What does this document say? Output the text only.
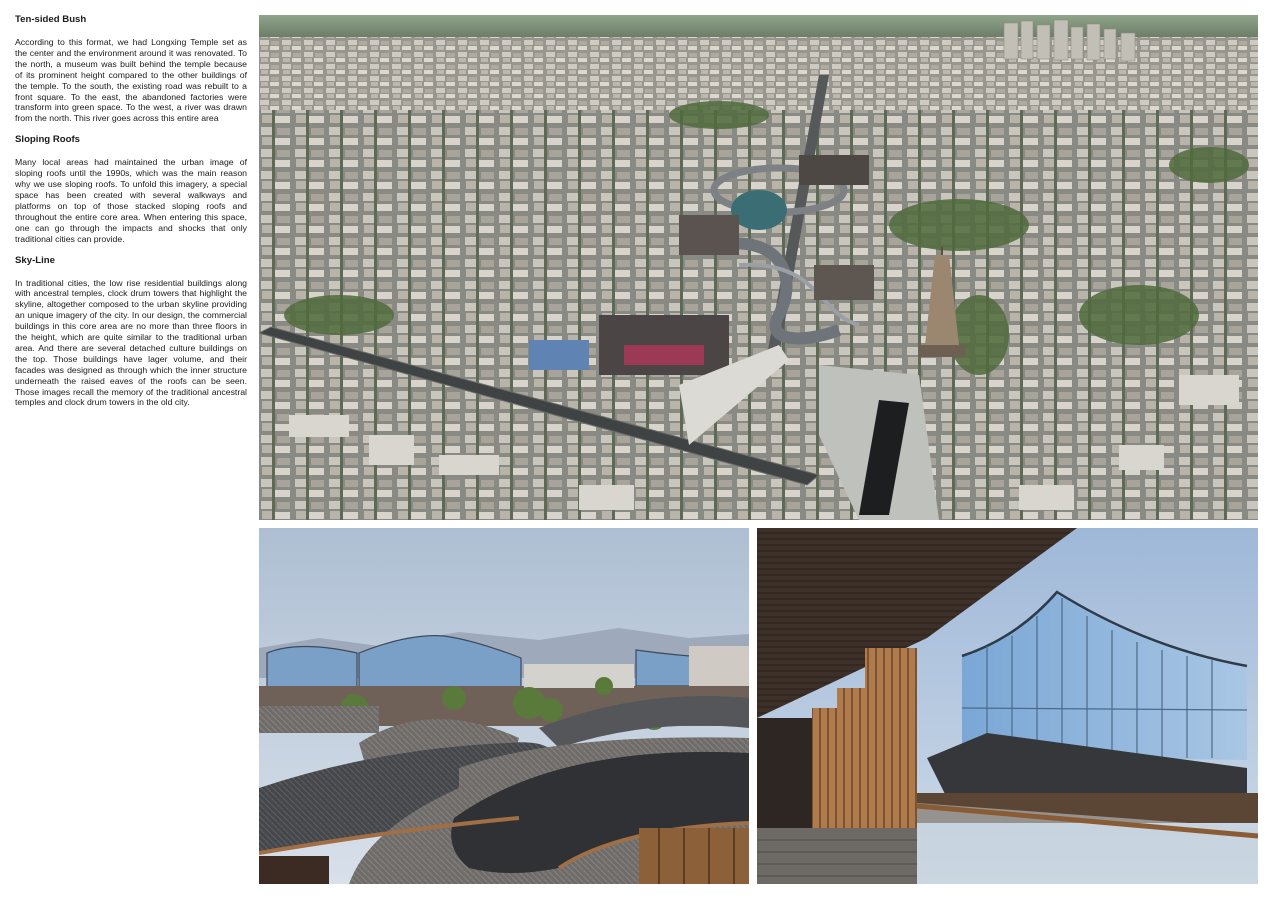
Ten-sided Bush

According to this format, we had Longxing Temple set as the center and the environment around it was renovated. To the north, a museum was built behind the temple because of its prominent height compared to the other buildings of the temple. To the south, the existing road was rebuilt to a front square. To the east, the abandoned factories were transform into green space. To the west, a river was drawn from the north. This river goes across this entire area

Sloping Roofs

Many local areas had maintained the urban image of sloping roofs until the 1990s, which was the main reason why we use sloping roofs. To unfold this imagery, a special space has been created with several walkways and platforms on top of those stacked sloping roofs and throughout the entire core area. When entering this space, one can go through the impacts and shocks that only traditional cities can provide.

Sky-Line

In traditional cities, the low rise residential buildings along with ancestral temples, clock drum towers that highlight the skyline, altogether composed to the urban skyline providing an unique imagery of the city. In our design, the commercial buildings in this core area are no more than three floors in the height, which are quite similar to the traditional urban area. And there are several detached culture buildings on the top. Those buildings have lager volume, and their facades was designed as through which the inner structure underneath the raised eaves of the roofs can be seen. Those images recall the memory of the traditional ancestral temples and clock drum towers in the old city.
